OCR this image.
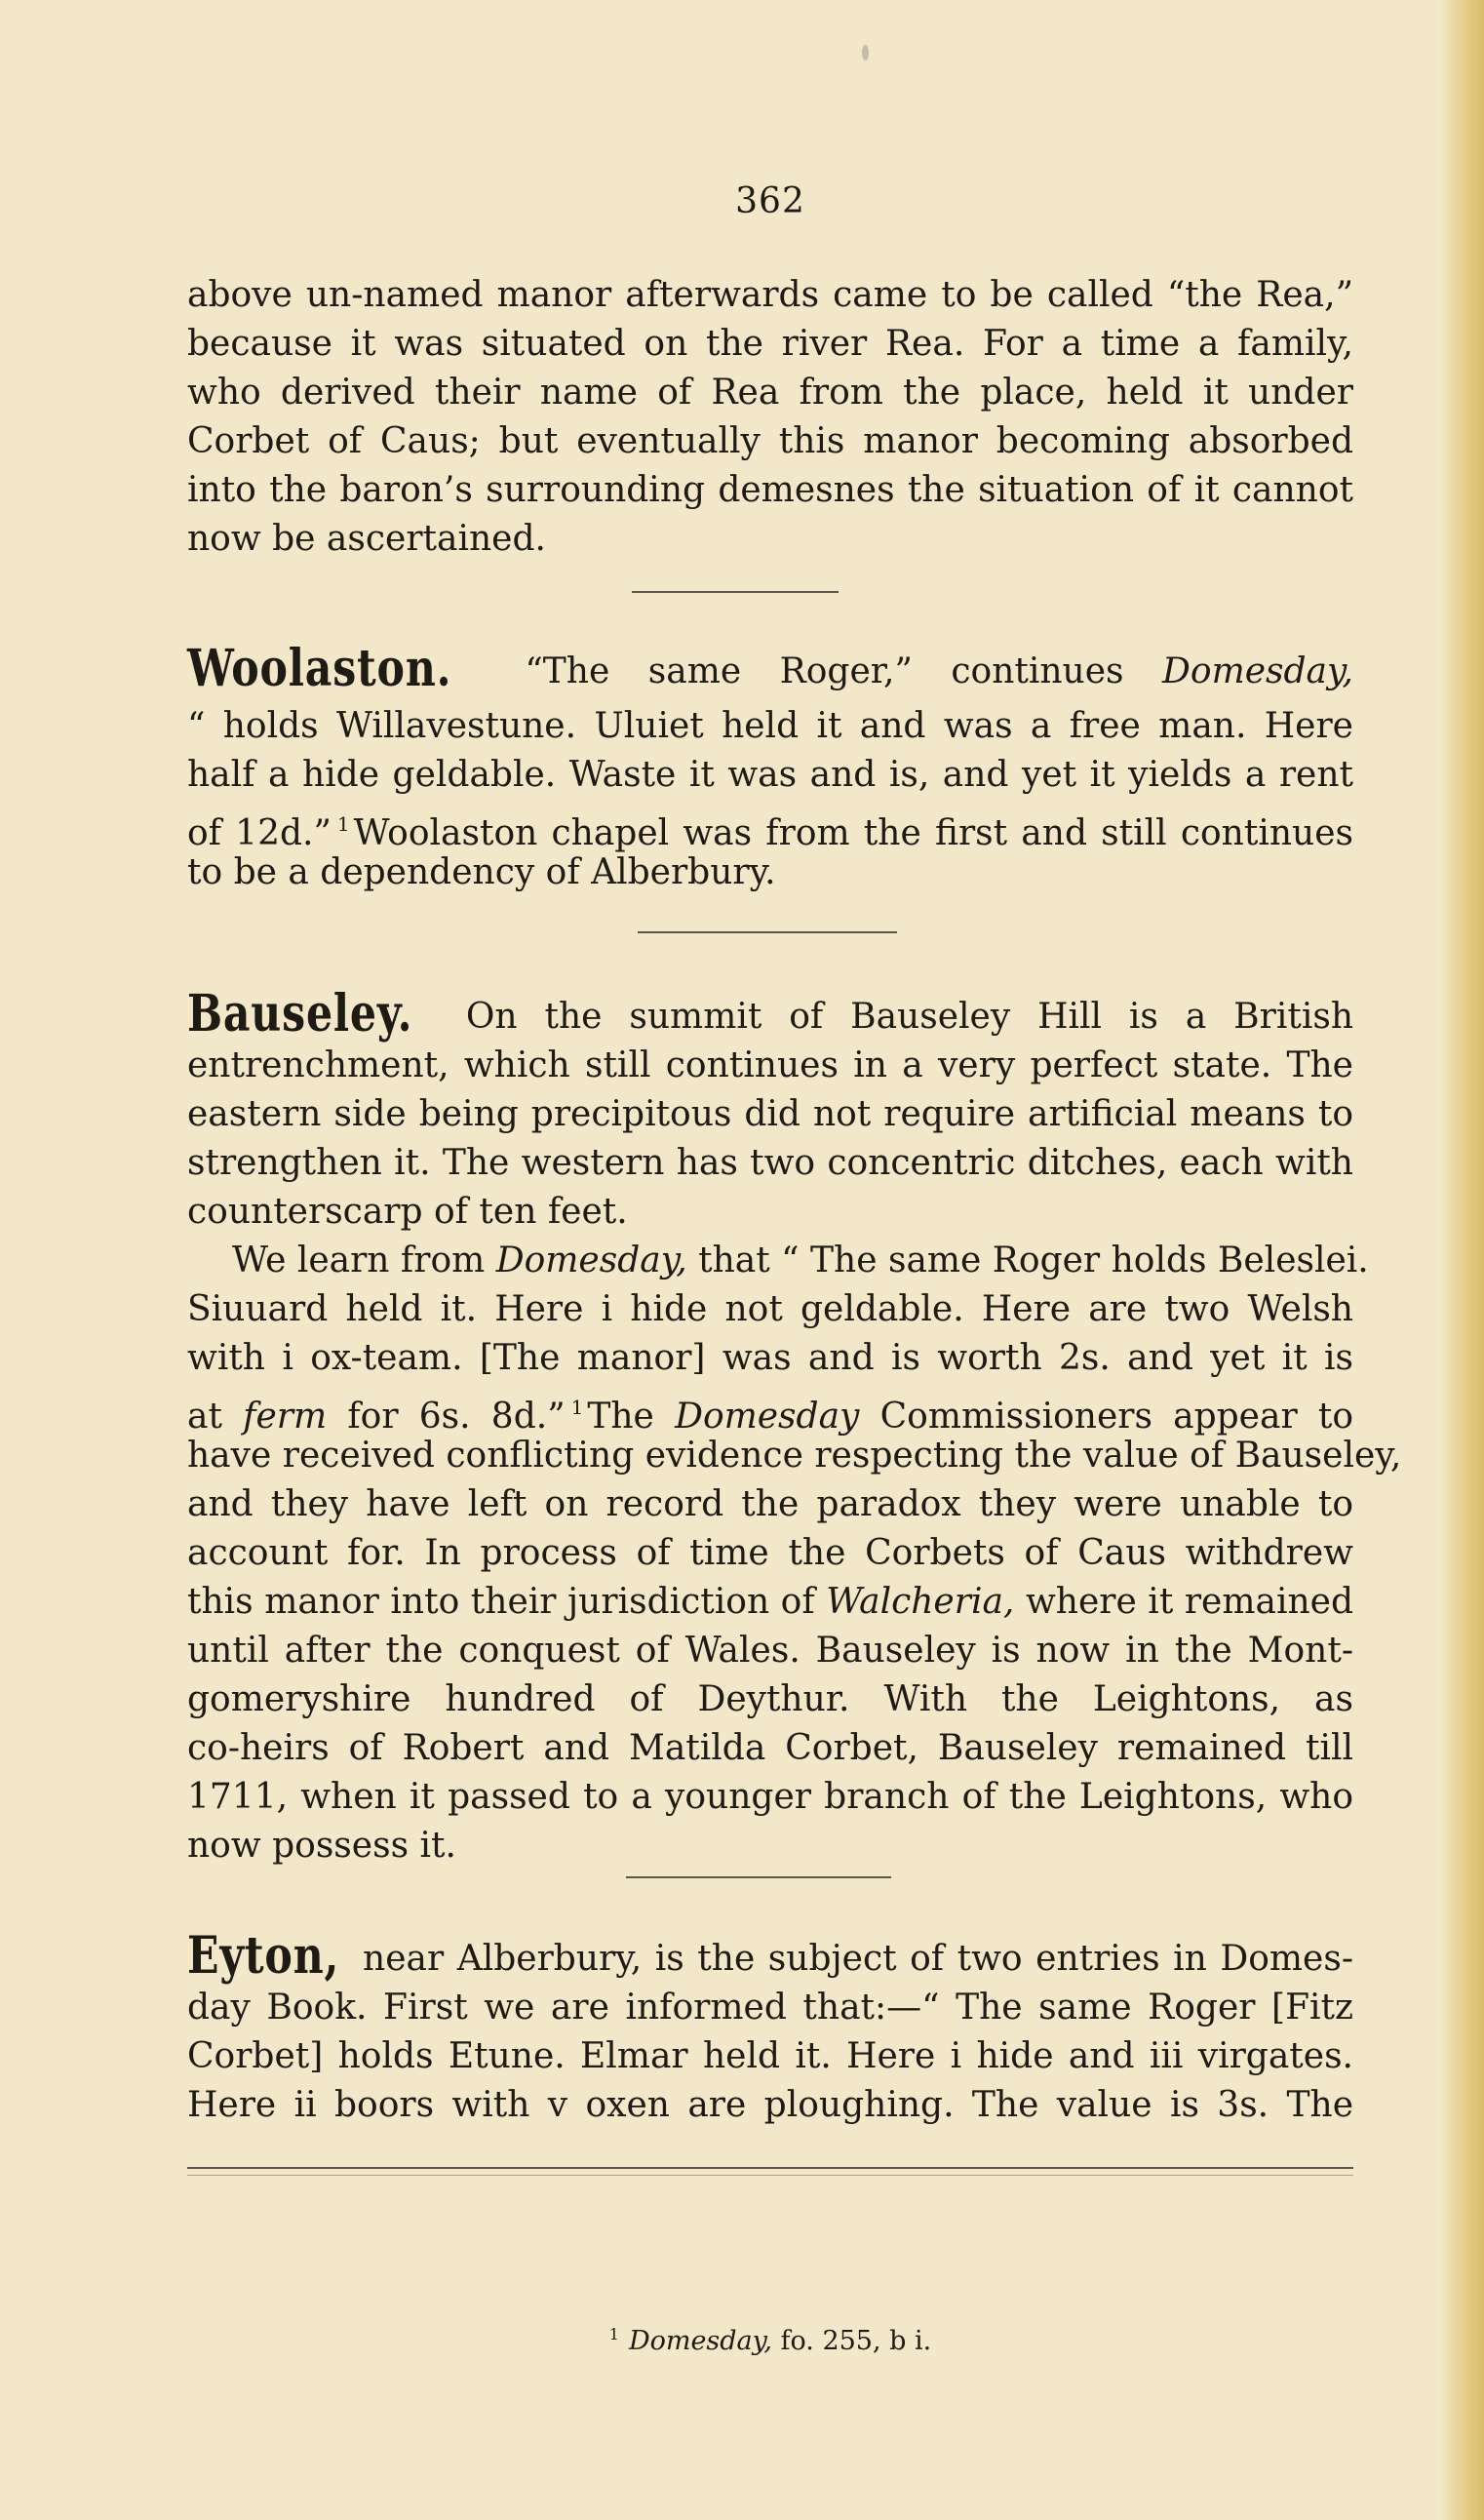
362
above un-named manor afterwards came to be called “the Rea,”
because it was situated on the river Rea. For a time a family,
who derived their name of Rea from the place, held it under
Corbet of Caus; but eventually this manor becoming absorbed
into the baron’s surrounding demesnes the situation of it cannot
now be ascertained.
Woolaston. “The same Roger,” continues Domesday,
“ holds Willavestune. Uluiet held it and was a free man. Here
half a hide geldable. Waste it was and is, and yet it yields a rent
of 12d.” $^1$ Woolaston chapel was from the first and still continues
to be a dependency of Alberbury.
Bauseley. On the summit of Bauseley Hill is a British
entrenchment, which still continues in a very perfect state. The
eastern side being precipitous did not require artificial means to
strengthen it. The western has two concentric ditches, each with
counterscarp of ten feet.
We learn from Domesday, that “ The same Roger holds Beleslei.
Siuuard held it. Here i hide not geldable. Here are two Welsh
with i ox-team. [The manor] was and is worth 2s. and yet it is
at ferm for 6s. 8d.” $^1$ The Domesday Commissioners appear to
have received conflicting evidence respecting the value of Bauseley,
and they have left on record the paradox they were unable to
account for. In process of time the Corbets of Caus withdrew
this manor into their jurisdiction of Walcheria, where it remained
until after the conquest of Wales. Bauseley is now in the Mont-
gomeryshire hundred of Deythur. With the Leightons, as
co-heirs of Robert and Matilda Corbet, Bauseley remained till
1711, when it passed to a younger branch of the Leightons, who
now possess it.
Eyton, near Alberbury, is the subject of two entries in Domes-
day Book. First we are informed that:—“ The same Roger [Fitz
Corbet] holds Etune. Elmar held it. Here i hide and iii virgates.
Here ii boors with v oxen are ploughing. The value is 3s. The
$^1$ Domesday, fo. 255, b i.
